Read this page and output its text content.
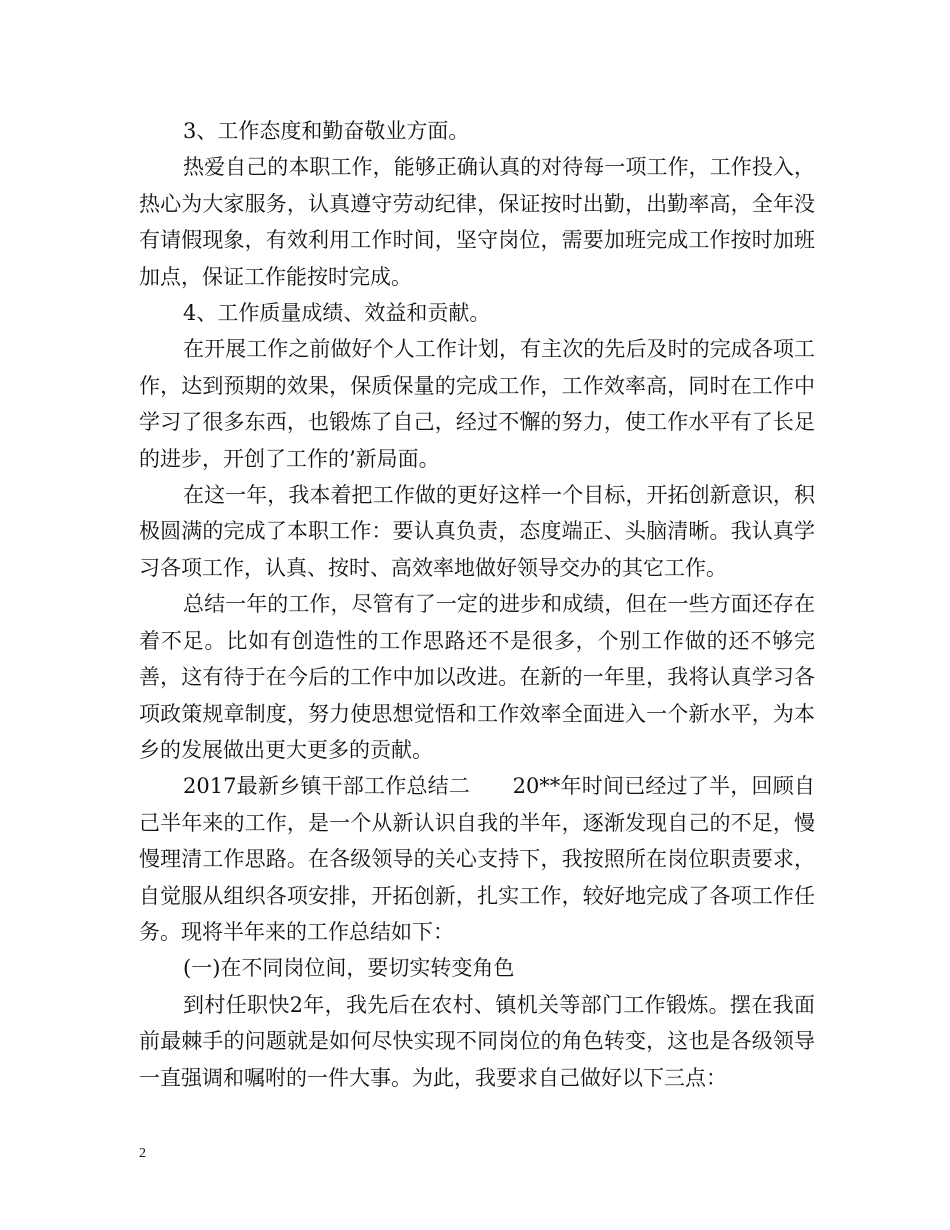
3、工作态度和勤奋敬业方面。

热爱自己的本职工作，能够正确认真的对待每一项工作，工作投入，热心为大家服务，认真遵守劳动纪律，保证按时出勤，出勤率高，全年没有请假现象，有效利用工作时间，坚守岗位，需要加班完成工作按时加班加点，保证工作能按时完成。

4、工作质量成绩、效益和贡献。

在开展工作之前做好个人工作计划，有主次的先后及时的完成各项工作，达到预期的效果，保质保量的完成工作，工作效率高，同时在工作中学习了很多东西，也锻炼了自己，经过不懈的努力，使工作水平有了长足的进步，开创了工作的’新局面。

在这一年，我本着把工作做的更好这样一个目标，开拓创新意识，积极圆满的完成了本职工作：要认真负责，态度端正、头脑清晰。我认真学习各项工作，认真、按时、高效率地做好领导交办的其它工作。

总结一年的工作，尽管有了一定的进步和成绩，但在一些方面还存在着不足。比如有创造性的工作思路还不是很多，个别工作做的还不够完善，这有待于在今后的工作中加以改进。在新的一年里，我将认真学习各项政策规章制度，努力使思想觉悟和工作效率全面进入一个新水平，为本乡的发展做出更大更多的贡献。

2017最新乡镇干部工作总结二　　20**年时间已经过了半，回顾自己半年来的工作，是一个从新认识自我的半年，逐渐发现自己的不足，慢慢理清工作思路。在各级领导的关心支持下，我按照所在岗位职责要求，自觉服从组织各项安排，开拓创新，扎实工作，较好地完成了各项工作任务。现将半年来的工作总结如下：

(一)在不同岗位间，要切实转变角色

到村任职快2年，我先后在农村、镇机关等部门工作锻炼。摆在我面前最棘手的问题就是如何尽快实现不同岗位的角色转变，这也是各级领导一直强调和嘱咐的一件大事。为此，我要求自己做好以下三点：

2
